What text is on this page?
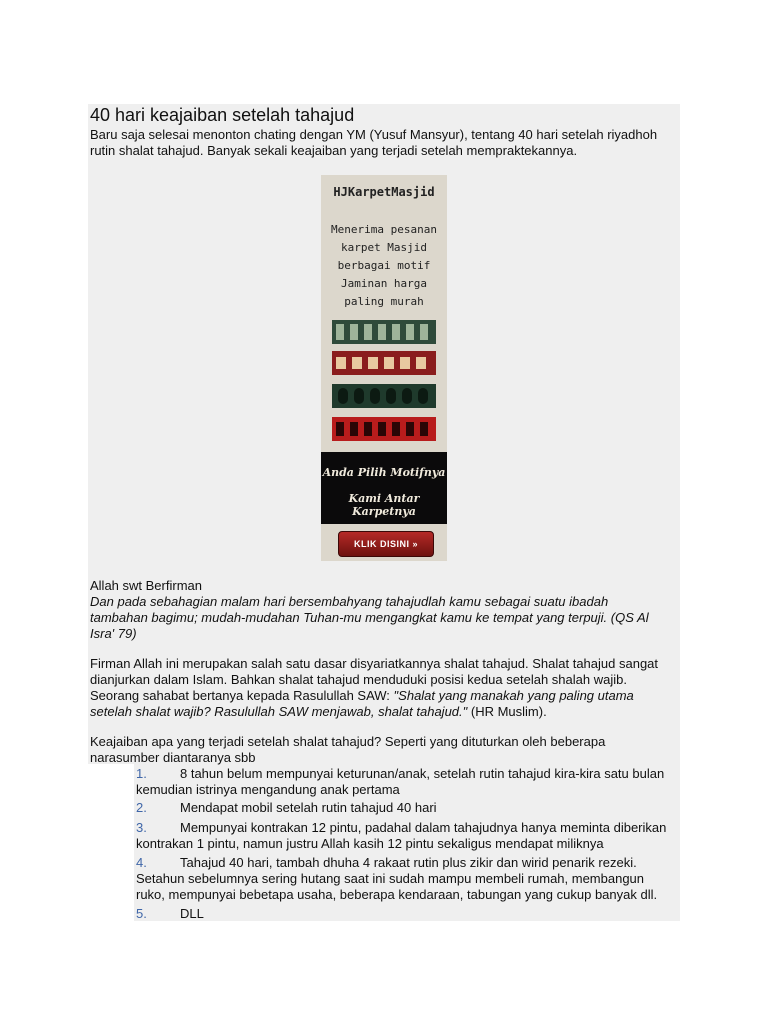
40 hari keajaiban setelah tahajud
Baru saja selesai menonton chating dengan YM (Yusuf Mansyur), tentang 40 hari setelah riyadhoh
rutin shalat tahajud. Banyak sekali keajaiban yang terjadi setelah mempraktekannya.
HJKarpetMasjid
Menerima pesanan
karpet Masjid
berbagai motif
Jaminan harga
paling murah
Anda Pilih Motifnya
Kami Antar Karpetnya
KLIK DISINI »
Allah swt Berfirman
Dan pada sebahagian malam hari bersembahyang tahajudlah kamu sebagai suatu ibadah
tambahan bagimu; mudah-mudahan Tuhan-mu mengangkat kamu ke tempat yang terpuji. (QS Al
Isra' 79)
Firman Allah ini merupakan salah satu dasar disyariatkannya shalat tahajud. Shalat tahajud sangat
dianjurkan dalam Islam. Bahkan shalat tahajud menduduki posisi kedua setelah shalah wajib.
Seorang sahabat bertanya kepada Rasulullah SAW: "Shalat yang manakah yang paling utama
setelah shalat wajib? Rasulullah SAW menjawab, shalat tahajud." (HR Muslim).
Keajaiban apa yang terjadi setelah shalat tahajud? Seperti yang dituturkan oleh beberapa
narasumber diantaranya sbb
1.	8 tahun belum mempunyai keturunan/anak, setelah rutin tahajud kira-kira satu bulan
kemudian istrinya mengandung anak pertama
2.	Mendapat mobil setelah rutin tahajud 40 hari
3.	Mempunyai kontrakan 12 pintu, padahal dalam tahajudnya hanya meminta diberikan
kontrakan 1 pintu, namun justru Allah kasih 12 pintu sekaligus mendapat miliknya
4.	Tahajud 40 hari, tambah dhuha 4 rakaat rutin plus zikir dan wirid penarik rezeki.
Setahun sebelumnya sering hutang saat ini sudah mampu membeli rumah, membangun
ruko, mempunyai bebetapa usaha, beberapa kendaraan, tabungan yang cukup banyak dll.
5.	DLL
